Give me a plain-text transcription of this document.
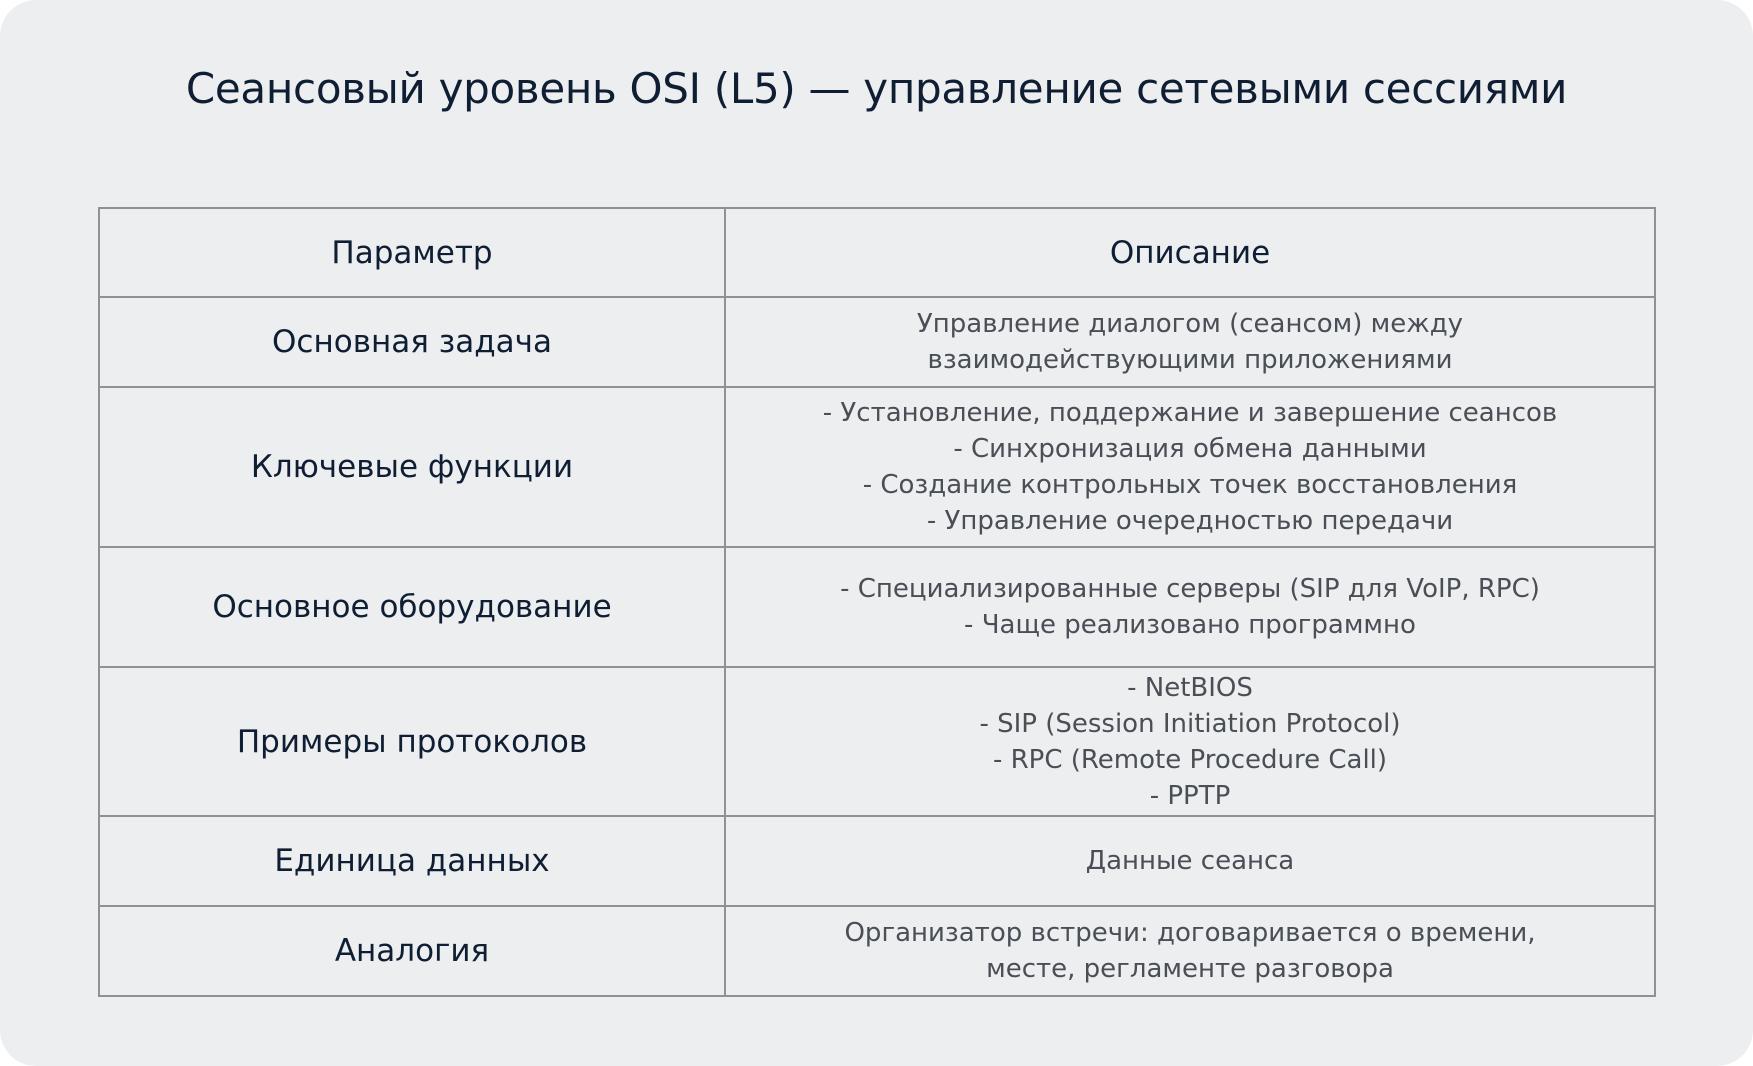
Сеансовый уровень OSI (L5) — управление сетевыми сессиями
Параметр	Описание
Основная задача	Управление диалогом (сеансом) между
взаимодействующими приложениями

Ключевые функции	- Установление, поддержание и завершение сеансов
- Синхронизация обмена данными
- Создание контрольных точек восстановления
- Управление очередностью передачи

Основное оборудование	- Специализированные серверы (SIP для VoIP, RPC)
- Чаще реализовано программно

Примеры протоколов	- NetBIOS
- SIP (Session Initiation Protocol)
- RPC (Remote Procedure Call)
- PPTP

Единица данных	Данные сеанса

Аналогия	Организатор встречи: договаривается о времени,
месте, регламенте разговора
